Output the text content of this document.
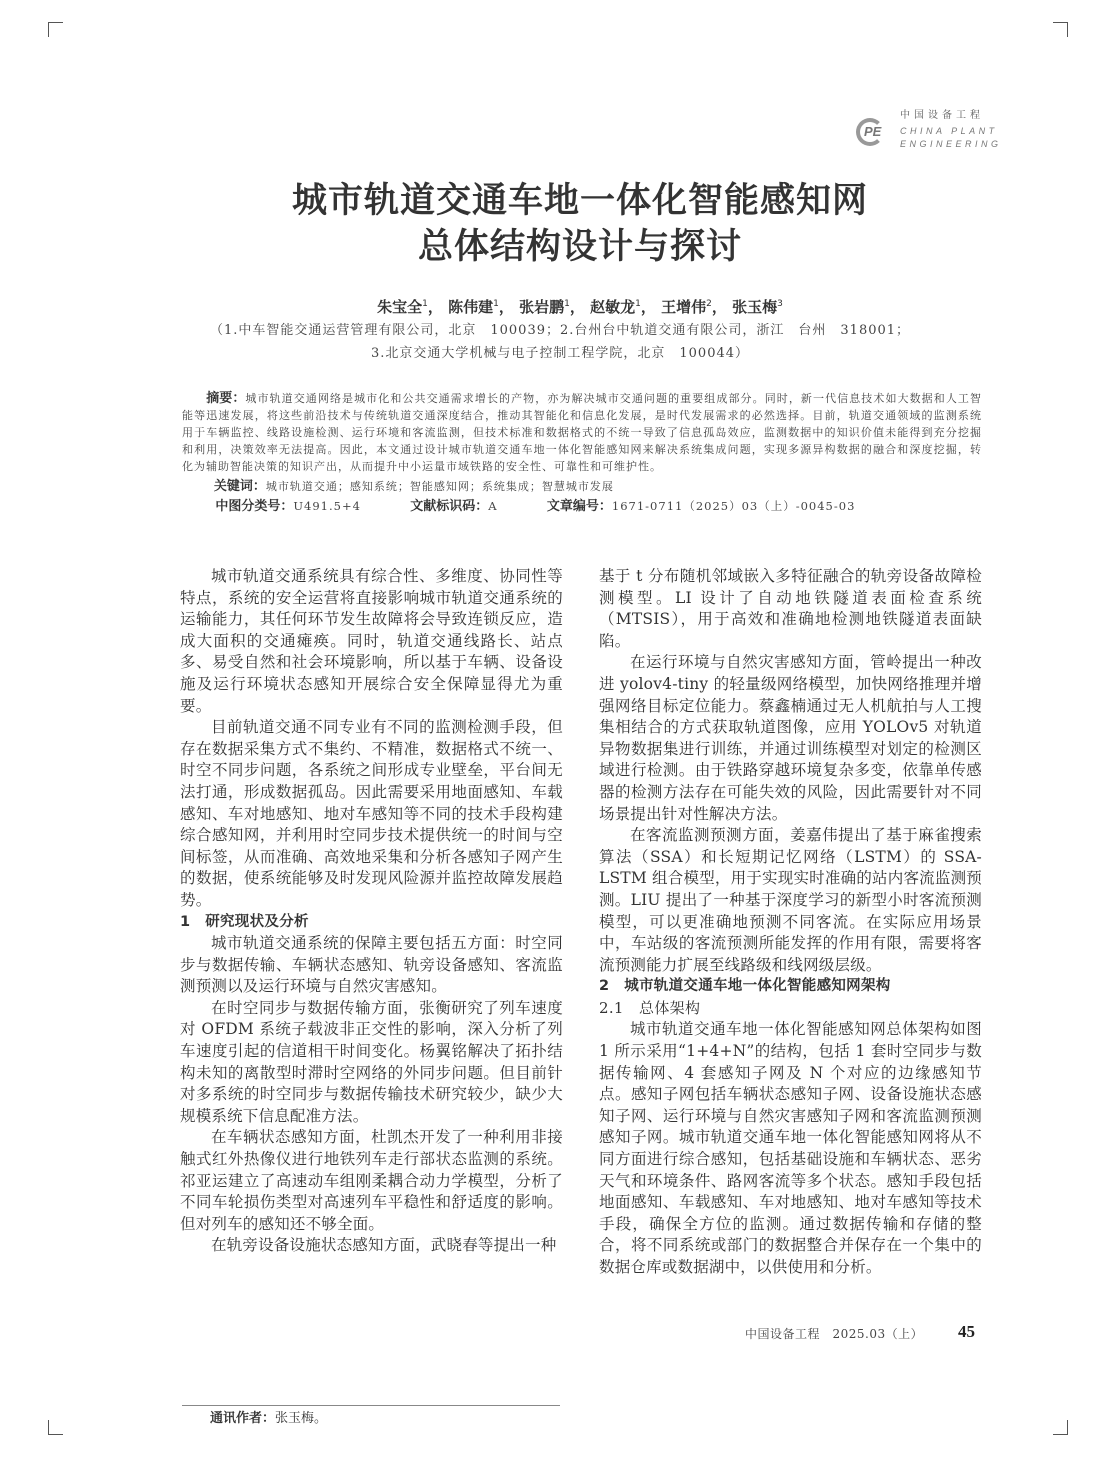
PE
中国设备工程
CHINA PLANT
ENGINEERING
城市轨道交通车地一体化智能感知网
总体结构设计与探讨
朱宝全$^1$， 陈伟建$^1$， 张岩鹏$^1$， 赵敏龙$^1$， 王增伟$^2$， 张玉梅$^3$
（1.中车智能交通运营管理有限公司，北京　100039；2.台州台中轨道交通有限公司，浙江　台州　318001；
3.北京交通大学机械与电子控制工程学院，北京　100044）
摘要：城市轨道交通网络是城市化和公共交通需求增长的产物，亦为解决城市交通问题的重要组成部分。同时，新一代信息技术如大数据和人工智能等迅速发展，将这些前沿技术与传统轨道交通深度结合，推动其智能化和信息化发展，是时代发展需求的必然选择。目前，轨道交通领域的监测系统用于车辆监控、线路设施检测、运行环境和客流监测，但技术标准和数据格式的不统一导致了信息孤岛效应，监测数据中的知识价值未能得到充分挖掘和利用，决策效率无法提高。因此，本文通过设计城市轨道交通车地一体化智能感知网来解决系统集成问题，实现多源异构数据的融合和深度挖掘，转化为辅助智能决策的知识产出，从而提升中小运量市域铁路的安全性、可靠性和可维护性。
关键词：城市轨道交通；感知系统；智能感知网；系统集成；智慧城市发展
中图分类号：U491.5+4	文献标识码：A	文章编号：1671-0711（2025）03（上）-0045-03

城市轨道交通系统具有综合性、多维度、协同性等特点，系统的安全运营将直接影响城市轨道交通系统的运输能力，其任何环节发生故障将会导致连锁反应，造成大面积的交通瘫痪。同时，轨道交通线路长、站点多、易受自然和社会环境影响，所以基于车辆、设备设施及运行环境状态感知开展综合安全保障显得尤为重要。

目前轨道交通不同专业有不同的监测检测手段，但存在数据采集方式不集约、不精准，数据格式不统一、时空不同步问题，各系统之间形成专业壁垒，平台间无法打通，形成数据孤岛。因此需要采用地面感知、车载感知、车对地感知、地对车感知等不同的技术手段构建综合感知网，并利用时空同步技术提供统一的时间与空间标签，从而准确、高效地采集和分析各感知子网产生的数据，使系统能够及时发现风险源并监控故障发展趋势。

1　研究现状及分析

城市轨道交通系统的保障主要包括五方面：时空同步与数据传输、车辆状态感知、轨旁设备感知、客流监测预测以及运行环境与自然灾害感知。

在时空同步与数据传输方面，张衡研究了列车速度对 OFDM 系统子载波非正交性的影响，深入分析了列车速度引起的信道相干时间变化。杨翼铭解决了拓扑结构未知的离散型时滞时空网络的外同步问题。但目前针对多系统的时空同步与数据传输技术研究较少，缺少大规模系统下信息配准方法。

在车辆状态感知方面，杜凯杰开发了一种利用非接触式红外热像仪进行地铁列车走行部状态监测的系统。祁亚运建立了高速动车组刚柔耦合动力学模型，分析了不同车轮损伤类型对高速列车平稳性和舒适度的影响。但对列车的感知还不够全面。

在轨旁设备设施状态感知方面，武晓春等提出一种

基于 t 分布随机邻域嵌入多特征融合的轨旁设备故障检测模型。LI 设计了自动地铁隧道表面检查系统（MTSIS），用于高效和准确地检测地铁隧道表面缺陷。

在运行环境与自然灾害感知方面，管岭提出一种改进 yolov4-tiny 的轻量级网络模型，加快网络推理并增强网络目标定位能力。蔡鑫楠通过无人机航拍与人工搜集相结合的方式获取轨道图像，应用 YOLOv5 对轨道异物数据集进行训练，并通过训练模型对划定的检测区域进行检测。由于铁路穿越环境复杂多变，依靠单传感器的检测方法存在可能失效的风险，因此需要针对不同场景提出针对性解决方法。

在客流监测预测方面，姜嘉伟提出了基于麻雀搜索算法（SSA）和长短期记忆网络（LSTM）的 SSA-LSTM 组合模型，用于实现实时准确的站内客流监测预测。LIU 提出了一种基于深度学习的新型小时客流预测模型，可以更准确地预测不同客流。在实际应用场景中，车站级的客流预测所能发挥的作用有限，需要将客流预测能力扩展至线路级和线网级层级。

2　城市轨道交通车地一体化智能感知网架构
2.1　总体架构

城市轨道交通车地一体化智能感知网总体架构如图 1 所示采用“1+4+N”的结构，包括 1 套时空同步与数据传输网、4 套感知子网及 N 个对应的边缘感知节点。感知子网包括车辆状态感知子网、设备设施状态感知子网、运行环境与自然灾害感知子网和客流监测预测感知子网。城市轨道交通车地一体化智能感知网将从不同方面进行综合感知，包括基础设施和车辆状态、恶劣天气和环境条件、路网客流等多个状态。感知手段包括地面感知、车载感知、车对地感知、地对车感知等技术手段，确保全方位的监测。通过数据传输和存储的整合，将不同系统或部门的数据整合并保存在一个集中的数据仓库或数据湖中，以供使用和分析。

通讯作者：张玉梅。
中国设备工程　2025.03（上） 45
